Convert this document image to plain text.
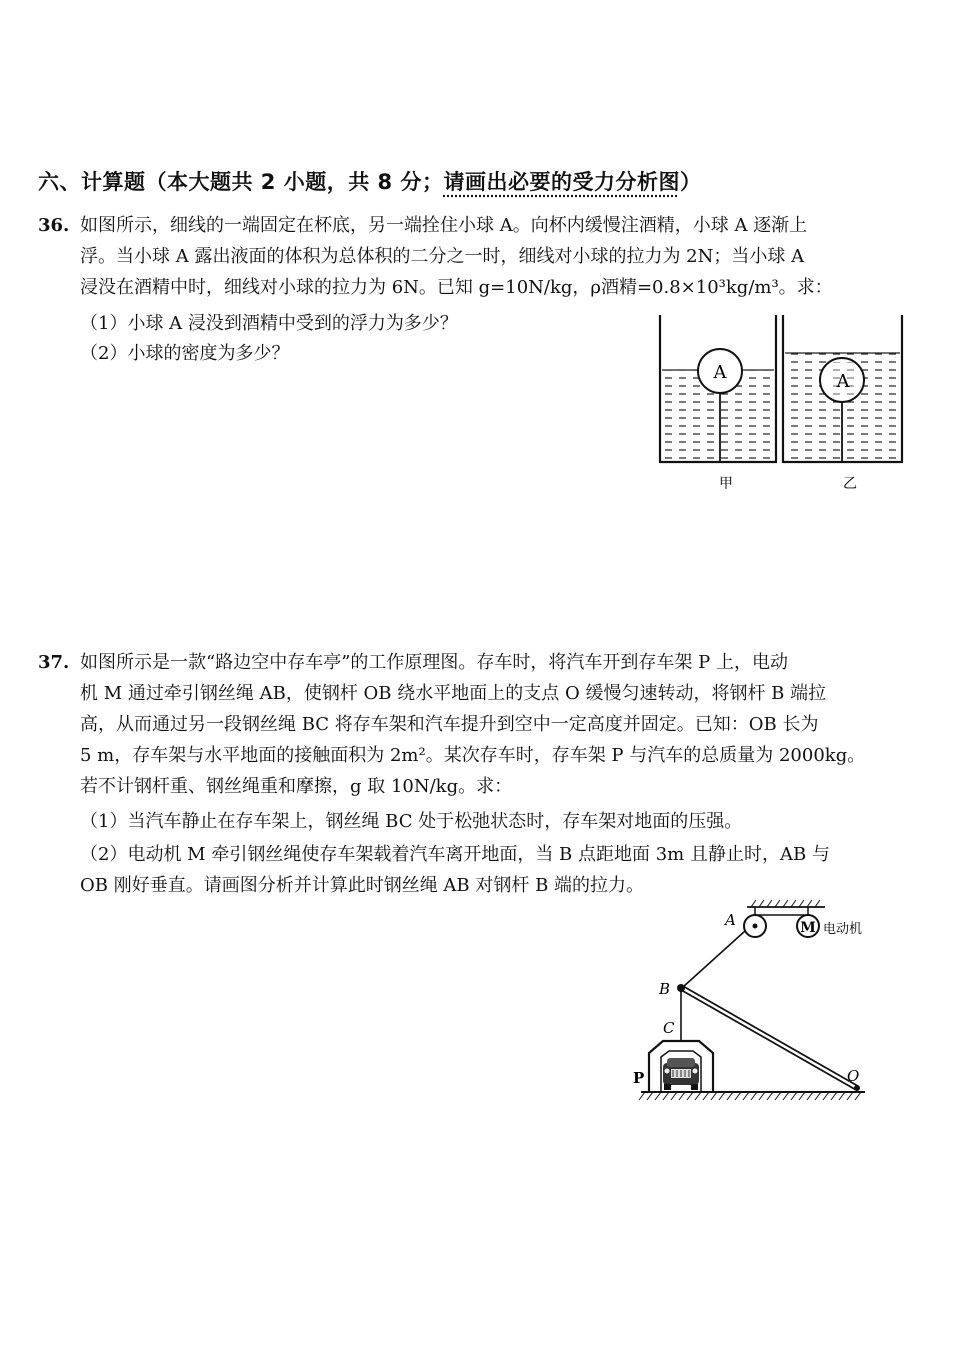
六、计算题（本大题共 2 小题，共 8 分；请画出必要的受力分析图）
36. 如图所示，细线的一端固定在杯底，另一端拴住小球 A。向杯内缓慢注酒精，小球 A 逐渐上
浮。当小球 A 露出液面的体积为总体积的二分之一时，细线对小球的拉力为 2N；当小球 A
浸没在酒精中时，细线对小球的拉力为 6N。已知 g=10N/kg，ρ酒精=0.8×10³kg/m³。求：
（1）小球 A 浸没到酒精中受到的浮力为多少？
（2）小球的密度为多少？
A	A
甲	乙
37. 如图所示是一款“路边空中存车亭”的工作原理图。存车时，将汽车开到存车架 P 上，电动
机 M 通过牵引钢丝绳 AB，使钢杆 OB 绕水平地面上的支点 O 缓慢匀速转动，将钢杆 B 端拉
高，从而通过另一段钢丝绳 BC 将存车架和汽车提升到空中一定高度并固定。已知：OB 长为
5 m，存车架与水平地面的接触面积为 2m²。某次存车时，存车架 P 与汽车的总质量为 2000kg。
若不计钢杆重、钢丝绳重和摩擦，g 取 10N/kg。求：
（1）当汽车静止在存车架上，钢丝绳 BC 处于松弛状态时，存车架对地面的压强。
（2）电动机 M 牵引钢丝绳使存车架载着汽车离开地面，当 B 点距地面 3m 且静止时，AB 与
OB 刚好垂直。请画图分析并计算此时钢丝绳 AB 对钢杆 B 端的拉力。
M 电动机
A
B
C
P	O
